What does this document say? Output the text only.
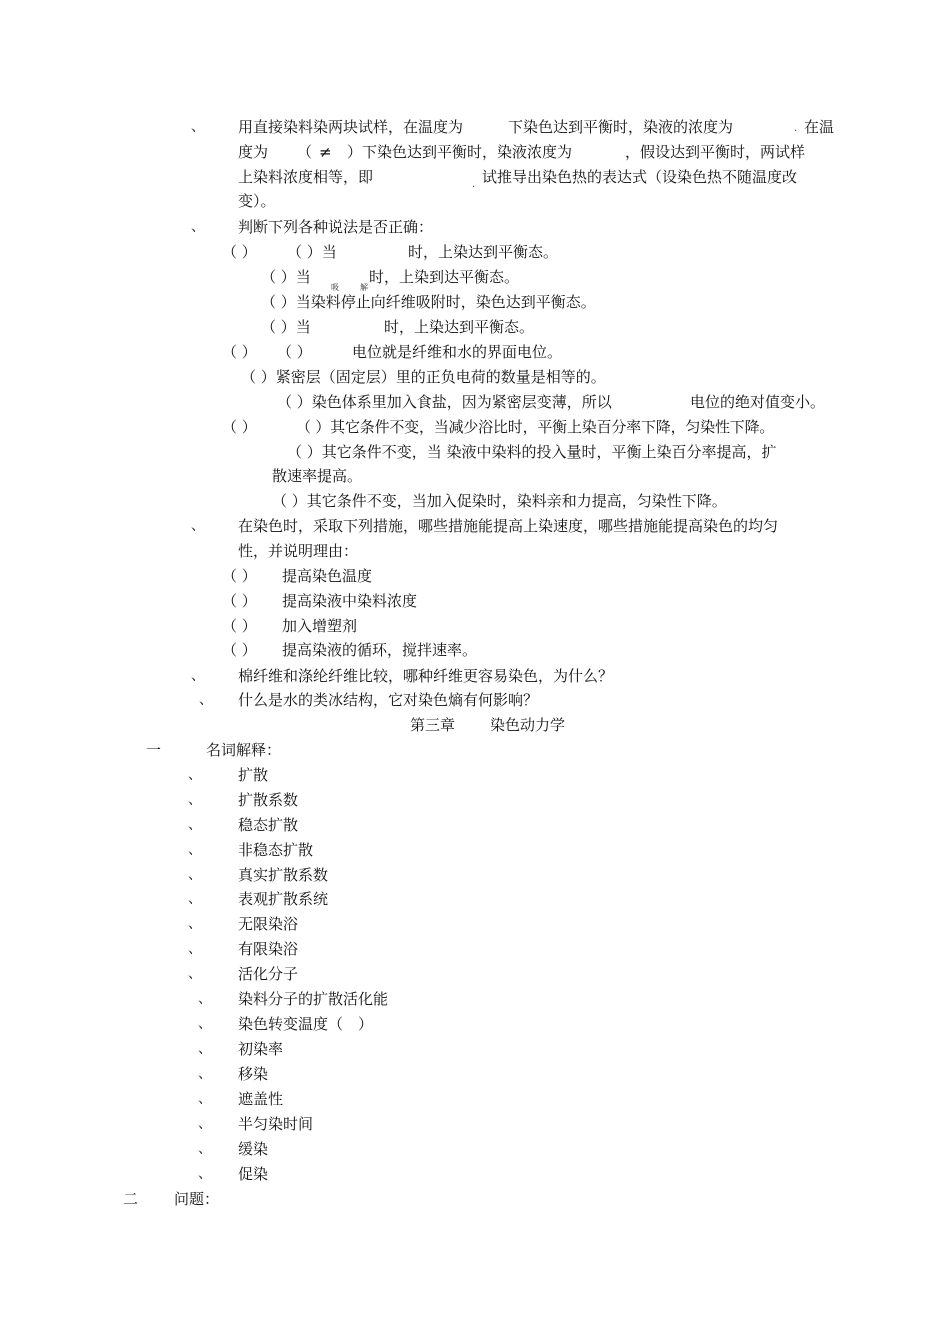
、 用直接染料染两块试样，在温度为	下染色达到平衡时，染液的浓度为	. 在温
度为 （ ≠ ）下染色达到平衡时，染液浓度为	，假设达到平衡时，两试样
上染料浓度相等，即	试推导出染色热的表达式（设染色热不随温度改
.
变）。
、 判断下列各种说法是否正确：
（ ） （ ）当	时，上染达到平衡态。
（ ）当
吸	解
时，上染到达平衡态。
（ ）当染料停止向纤维吸附时，染色达到平衡态。
（ ）当	时，上染达到平衡态。
（ ） （ ）	电位就是纤维和水的界面电位。
（ ）紧密层（固定层）里的正负电荷的数量是相等的。
（ ）染色体系里加入食盐，因为紧密层变薄，所以	电位的绝对值变小。
（ ）	（ ）其它条件不变，当减少浴比时，平衡上染百分率下降，匀染性下降。
（ ）其它条件不变，当 染液中染料的投入量时，平衡上染百分率提高，扩
散速率提高。
（ ）其它条件不变，当加入促染时，染料亲和力提高，匀染性下降。
、 在染色时，采取下列措施，哪些措施能提高上染速度，哪些措施能提高染色的均匀
性，并说明理由：
（ ） 提高染色温度
（ ） 提高染液中染料浓度
（ ） 加入增塑剂
（ ） 提高染液的循环，搅拌速率。
、 棉纤维和涤纶纤维比较，哪种纤维更容易染色，为什么？
、 什么是水的类冰结构，它对染色熵有何影响？
第三章 染色动力学
一	名词解释：
、 扩散
、 扩散系数
、 稳态扩散
、 非稳态扩散
、 真实扩散系数
、 表观扩散系统
、 无限染浴
、 有限染浴
、 活化分子
、 染料分子的扩散活化能
、 染色转变温度（　）
、 初染率
、 移染
、 遮盖性
、 半匀染时间
、 缓染
、 促染
二 问题：
